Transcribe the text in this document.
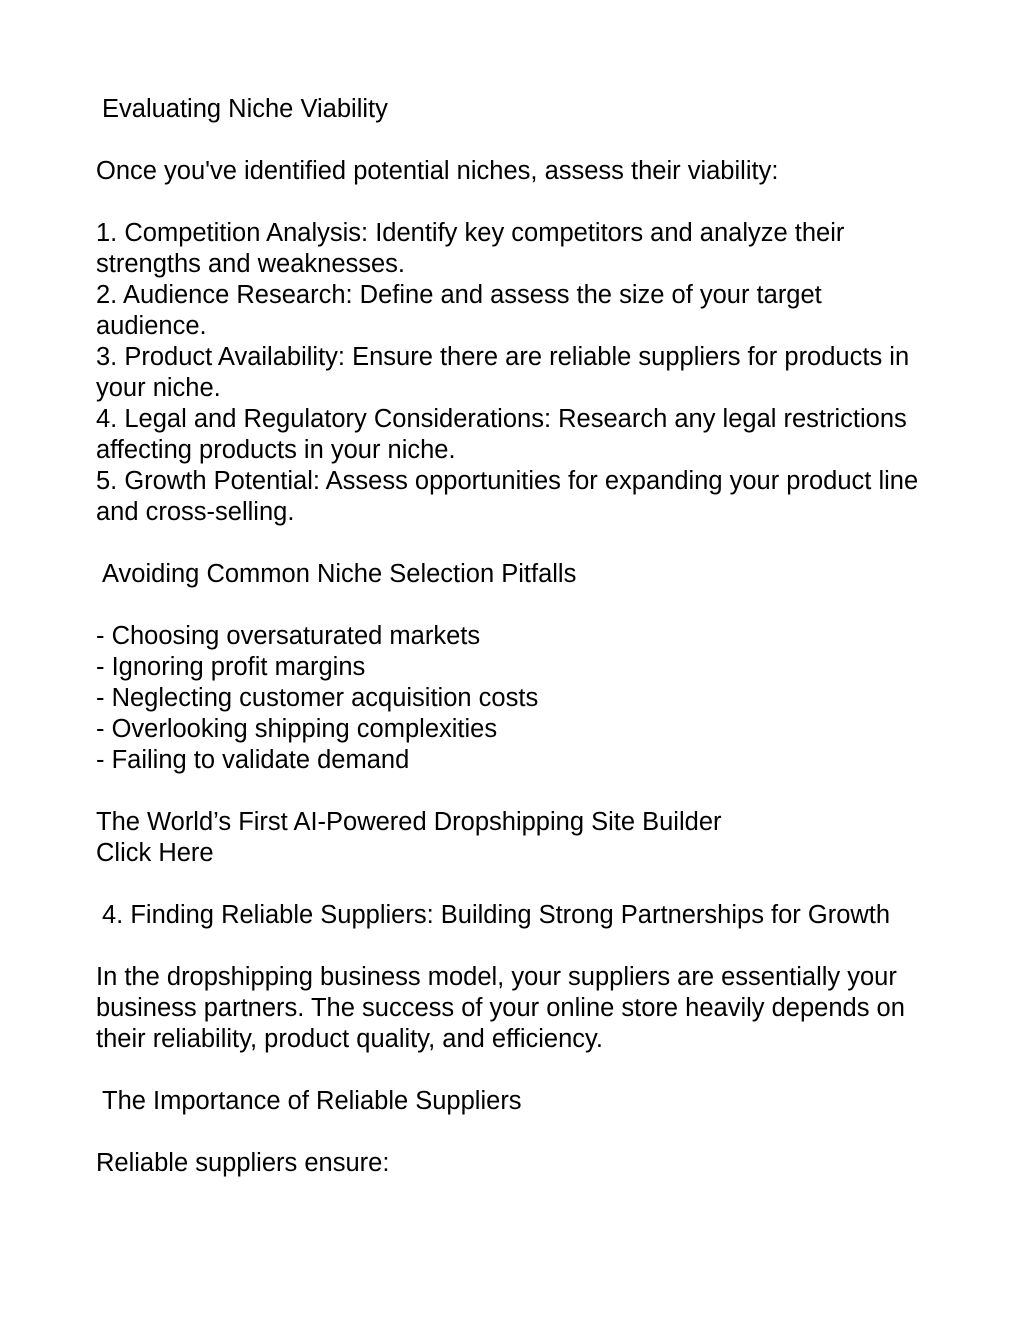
Evaluating Niche Viability

Once you've identified potential niches, assess their viability:

1. Competition Analysis: Identify key competitors and analyze their strengths and weaknesses.

2. Audience Research: Define and assess the size of your target audience.

3. Product Availability: Ensure there are reliable suppliers for products in your niche.

4. Legal and Regulatory Considerations: Research any legal restrictions affecting products in your niche.

5. Growth Potential: Assess opportunities for expanding your product line and cross-selling.

Avoiding Common Niche Selection Pitfalls

- Choosing oversaturated markets

- Ignoring profit margins

- Neglecting customer acquisition costs

- Overlooking shipping complexities

- Failing to validate demand

The World’s First AI-Powered Dropshipping Site Builder

Click Here

4. Finding Reliable Suppliers: Building Strong Partnerships for Growth

In the dropshipping business model, your suppliers are essentially your business partners. The success of your online store heavily depends on their reliability, product quality, and efficiency.

The Importance of Reliable Suppliers

Reliable suppliers ensure:
